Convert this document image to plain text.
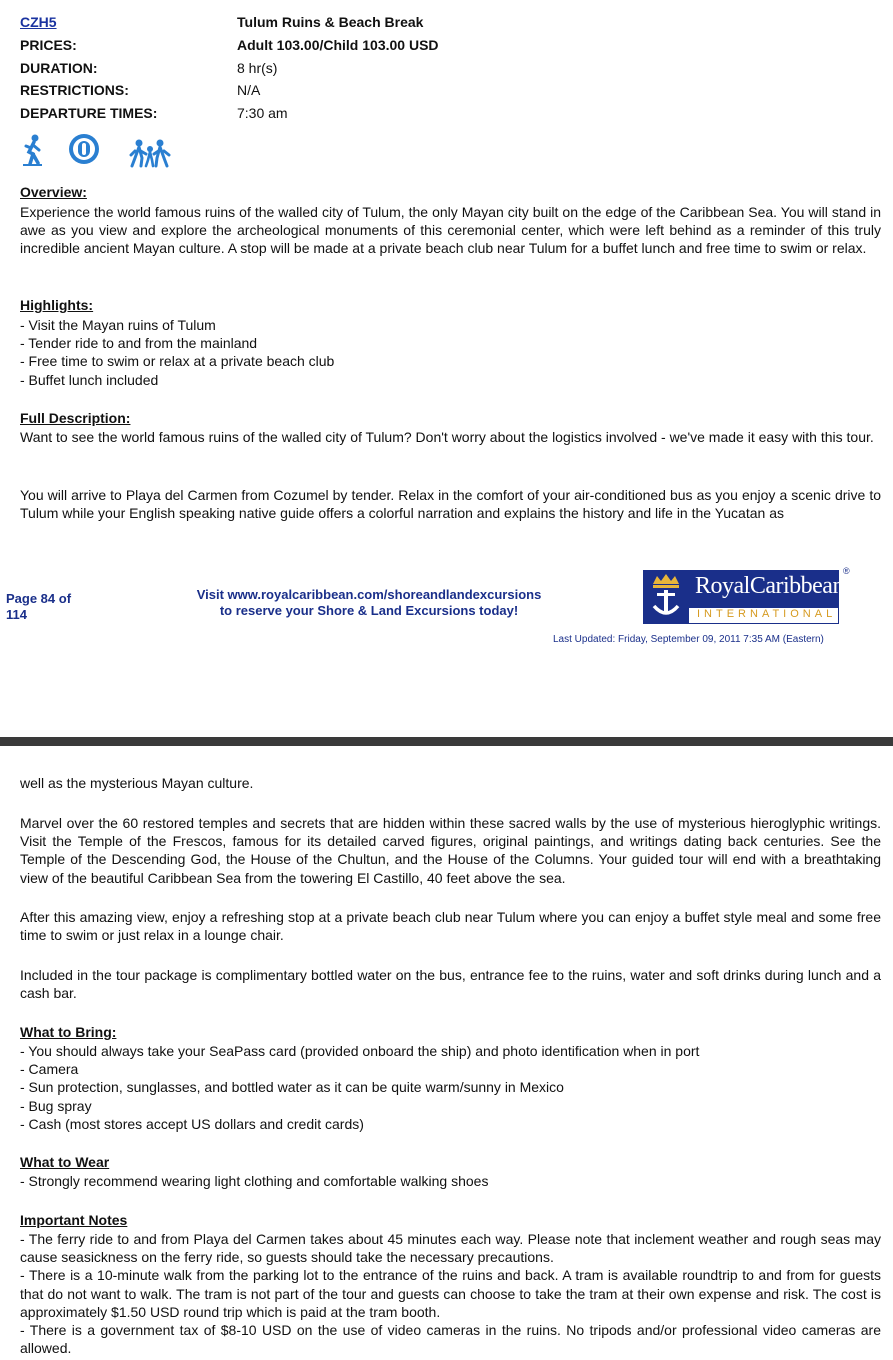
CZH5	Tulum Ruins & Beach Break
PRICES:	Adult 103.00/Child 103.00 USD
DURATION:	8 hr(s)
RESTRICTIONS:	N/A
DEPARTURE TIMES:	7:30 am
Overview:
Experience the world famous ruins of the walled city of Tulum, the only Mayan city built on the edge of the Caribbean Sea. You will stand in awe as you view and explore the archeological monuments of this ceremonial center, which were left behind as a reminder of this truly incredible ancient Mayan culture. A stop will be made at a private beach club near Tulum for a buffet lunch and free time to swim or relax.
Highlights:
- Visit the Mayan ruins of Tulum
- Tender ride to and from the mainland
- Free time to swim or relax at a private beach club
- Buffet lunch included
Full Description:
Want to see the world famous ruins of the walled city of Tulum? Don't worry about the logistics involved - we've made it easy with this tour.
You will arrive to Playa del Carmen from Cozumel by tender. Relax in the comfort of your air-conditioned bus as you enjoy a scenic drive to Tulum while your English speaking native guide offers a colorful narration and explains the history and life in the Yucatan as
Page 84 of
114
Visit www.royalcaribbean.com/shoreandlandexcursions
to reserve your Shore & Land Excursions today!
RoyalCaribbean
INTERNATIONAL
®
Last Updated: Friday, September 09, 2011 7:35 AM (Eastern)
well as the mysterious Mayan culture.
Marvel over the 60 restored temples and secrets that are hidden within these sacred walls by the use of mysterious hieroglyphic writings. Visit the Temple of the Frescos, famous for its detailed carved figures, original paintings, and writings dating back centuries. See the Temple of the Descending God, the House of the Chultun, and the House of the Columns. Your guided tour will end with a breathtaking view of the beautiful Caribbean Sea from the towering El Castillo, 40 feet above the sea.
After this amazing view, enjoy a refreshing stop at a private beach club near Tulum where you can enjoy a buffet style meal and some free time to swim or just relax in a lounge chair.
Included in the tour package is complimentary bottled water on the bus, entrance fee to the ruins, water and soft drinks during lunch and a cash bar.
What to Bring:
- You should always take your SeaPass card (provided onboard the ship) and photo identification when in port
- Camera
- Sun protection, sunglasses, and bottled water as it can be quite warm/sunny in Mexico
- Bug spray
- Cash (most stores accept US dollars and credit cards)
What to Wear
- Strongly recommend wearing light clothing and comfortable walking shoes
Important Notes
- The ferry ride to and from Playa del Carmen takes about 45 minutes each way. Please note that inclement weather and rough seas may cause seasickness on the ferry ride, so guests should take the necessary precautions.
- There is a 10-minute walk from the parking lot to the entrance of the ruins and back. A tram is available roundtrip to and from for guests that do not want to walk. The tram is not part of the tour and guests can choose to take the tram at their own expense and risk. The cost is approximately $1.50 USD round trip which is paid at the tram booth.
- There is a government tax of $8-10 USD on the use of video cameras in the ruins. No tripods and/or professional video cameras are allowed.
